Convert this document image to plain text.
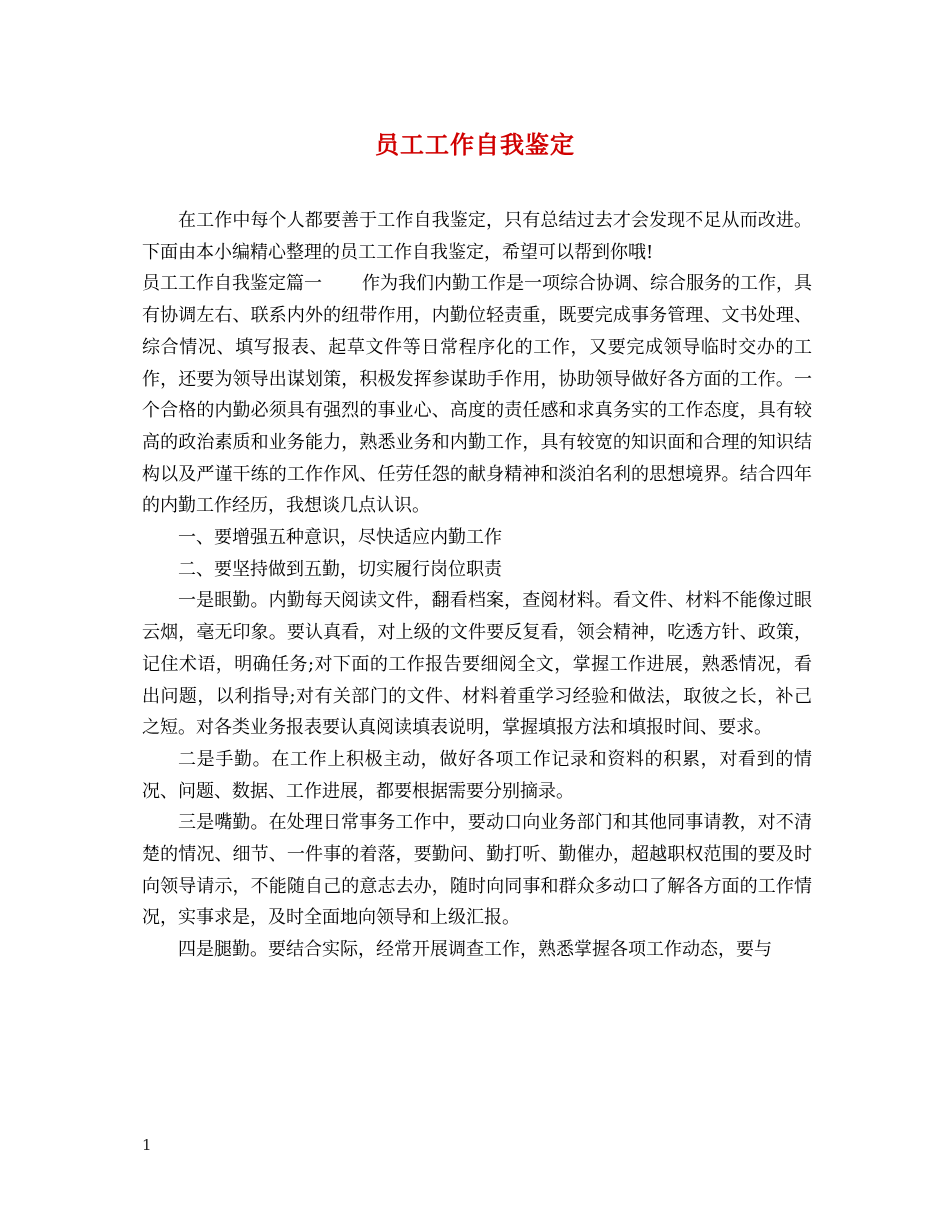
员工工作自我鉴定

在工作中每个人都要善于工作自我鉴定，只有总结过去才会发现不足从而改进。下面由本小编精心整理的员工工作自我鉴定，希望可以帮到你哦!

员工工作自我鉴定篇一 作为我们内勤工作是一项综合协调、综合服务的工作，具有协调左右、联系内外的纽带作用，内勤位轻责重，既要完成事务管理、文书处理、综合情况、填写报表、起草文件等日常程序化的工作，又要完成领导临时交办的工作，还要为领导出谋划策，积极发挥参谋助手作用，协助领导做好各方面的工作。一个合格的内勤必须具有强烈的事业心、高度的责任感和求真务实的工作态度，具有较高的政治素质和业务能力，熟悉业务和内勤工作，具有较宽的知识面和合理的知识结构以及严谨干练的工作作风、任劳任怨的献身精神和淡泊名利的思想境界。结合四年的内勤工作经历，我想谈几点认识。

一、要增强五种意识，尽快适应内勤工作

二、要坚持做到五勤，切实履行岗位职责

一是眼勤。内勤每天阅读文件，翻看档案，查阅材料。看文件、材料不能像过眼云烟，毫无印象。要认真看，对上级的文件要反复看，领会精神，吃透方针、政策，记住术语，明确任务;对下面的工作报告要细阅全文，掌握工作进展，熟悉情况，看出问题，以利指导;对有关部门的文件、材料着重学习经验和做法，取彼之长，补己之短。对各类业务报表要认真阅读填表说明，掌握填报方法和填报时间、要求。

二是手勤。在工作上积极主动，做好各项工作记录和资料的积累，对看到的情况、问题、数据、工作进展，都要根据需要分别摘录。

三是嘴勤。在处理日常事务工作中，要动口向业务部门和其他同事请教，对不清楚的情况、细节、一件事的着落，要勤问、勤打听、勤催办，超越职权范围的要及时向领导请示，不能随自己的意志去办，随时向同事和群众多动口了解各方面的工作情况，实事求是，及时全面地向领导和上级汇报。

四是腿勤。要结合实际，经常开展调查工作，熟悉掌握各项工作动态，要与

1
